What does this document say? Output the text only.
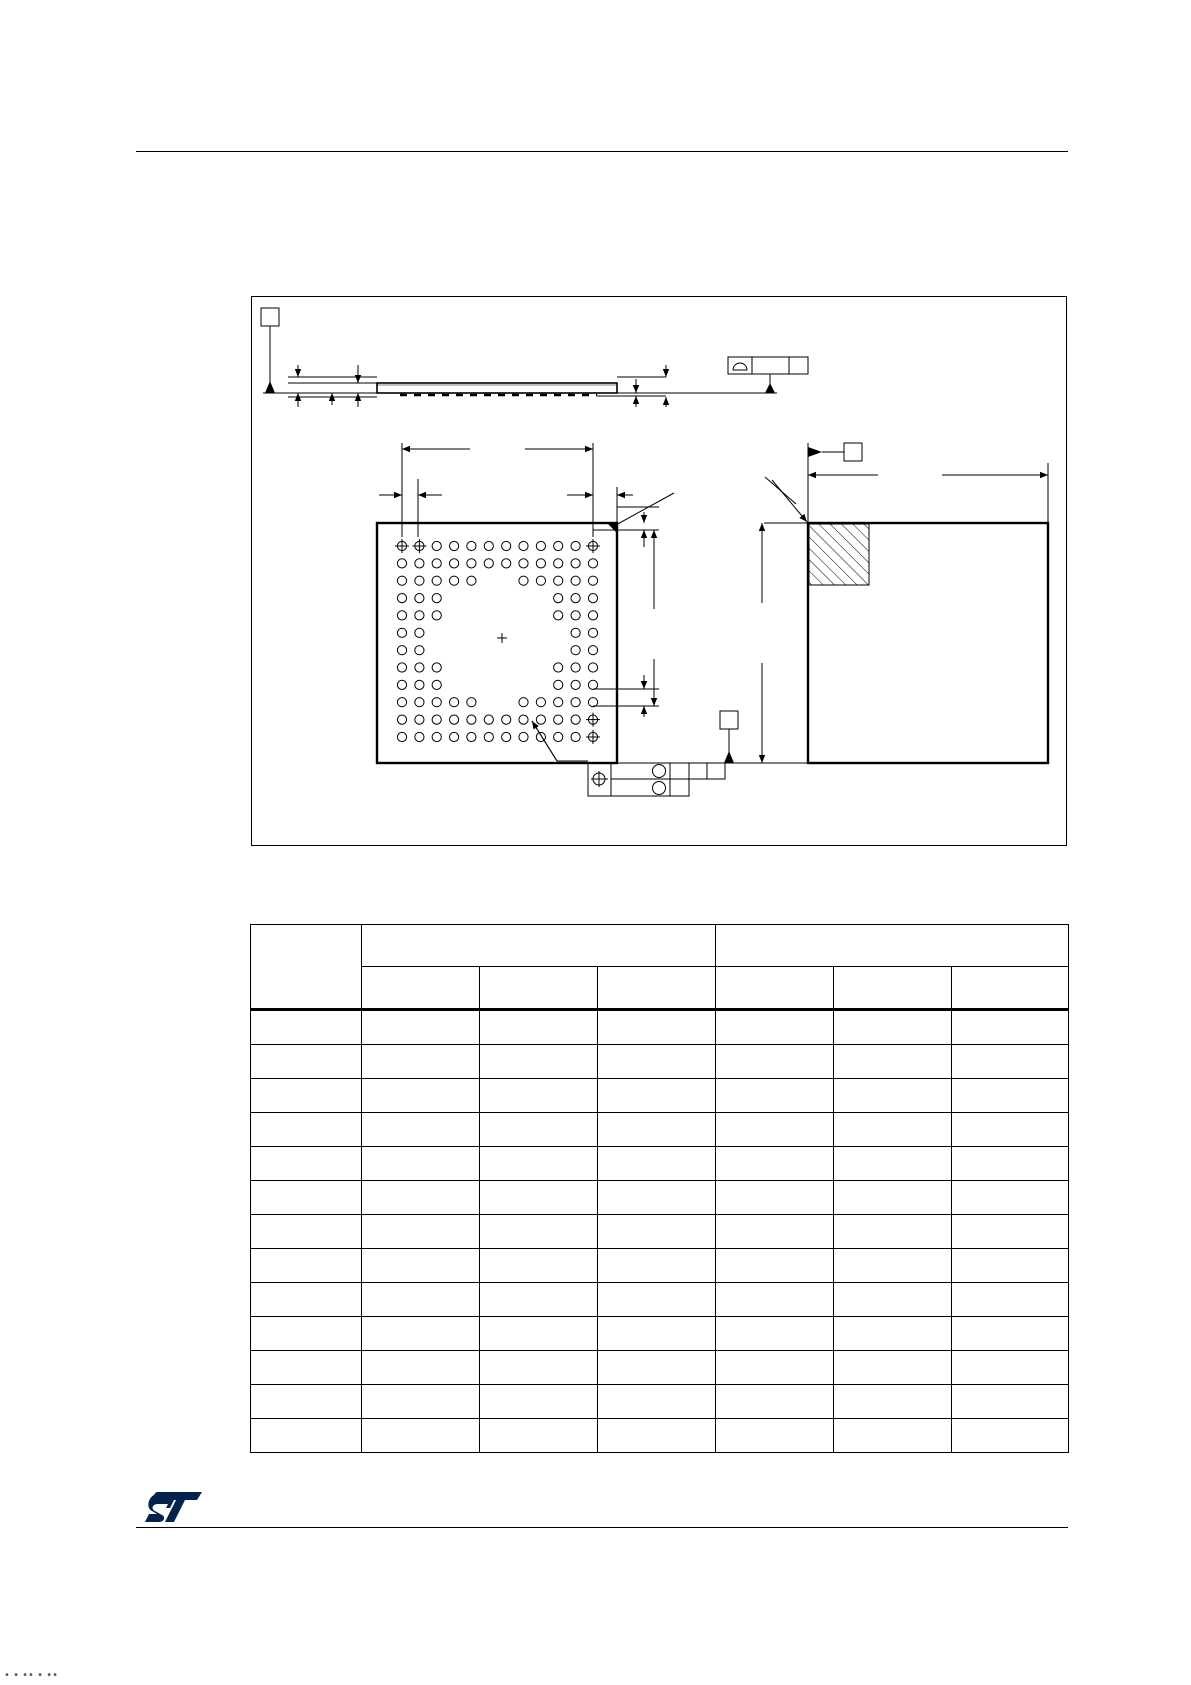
• • •• • ••
